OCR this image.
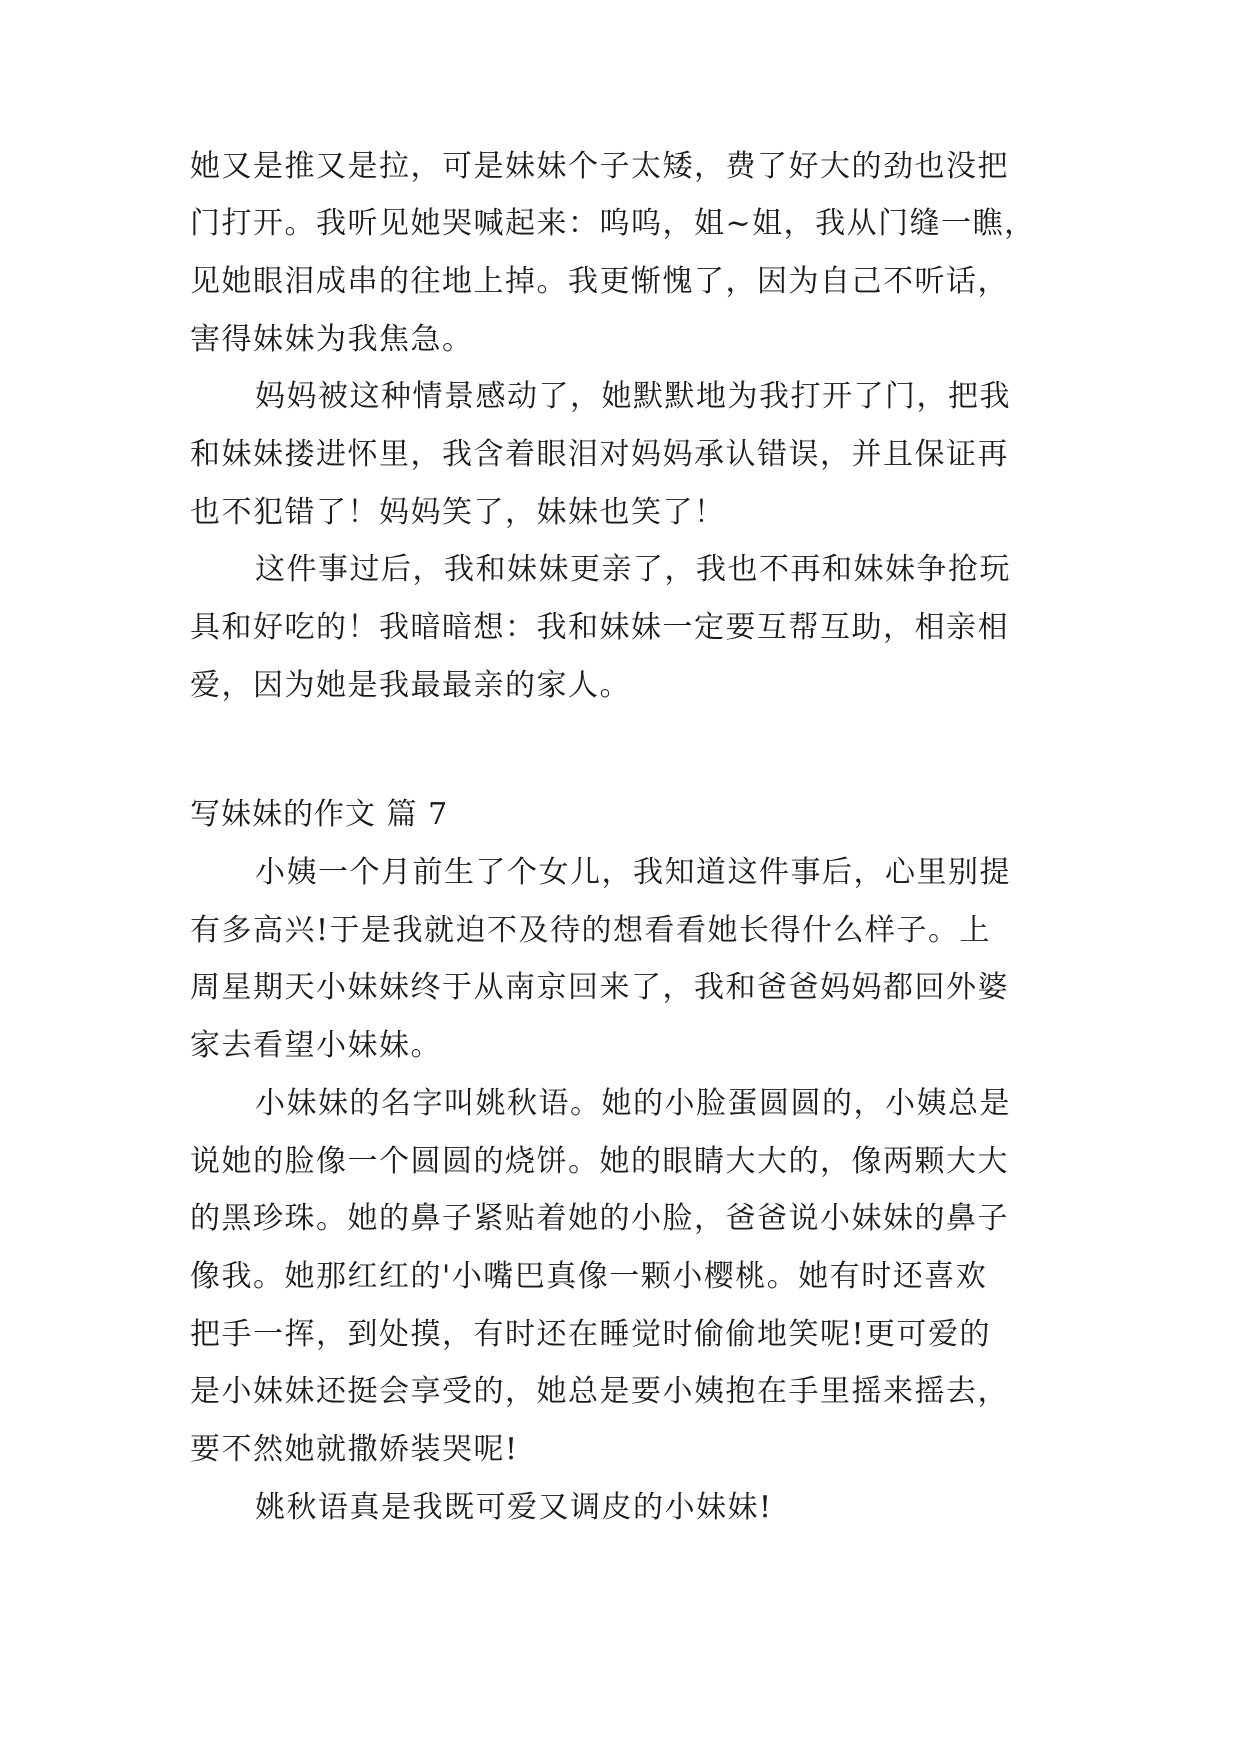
她又是推又是拉，可是妹妹个子太矮，费了好大的劲也没把
门打开。我听见她哭喊起来：呜呜，姐~姐，我从门缝一瞧，
见她眼泪成串的往地上掉。我更惭愧了，因为自己不听话，
害得妹妹为我焦急。
妈妈被这种情景感动了，她默默地为我打开了门，把我
和妹妹搂进怀里，我含着眼泪对妈妈承认错误，并且保证再
也不犯错了！妈妈笑了，妹妹也笑了！
这件事过后，我和妹妹更亲了，我也不再和妹妹争抢玩
具和好吃的！我暗暗想：我和妹妹一定要互帮互助，相亲相
爱，因为她是我最最亲的家人。
写妹妹的作文 篇 7
小姨一个月前生了个女儿，我知道这件事后，心里别提
有多高兴!于是我就迫不及待的想看看她长得什么样子。上
周星期天小妹妹终于从南京回来了，我和爸爸妈妈都回外婆
家去看望小妹妹。
小妹妹的名字叫姚秋语。她的小脸蛋圆圆的，小姨总是
说她的脸像一个圆圆的烧饼。她的眼睛大大的，像两颗大大
的黑珍珠。她的鼻子紧贴着她的小脸，爸爸说小妹妹的鼻子
像我。她那红红的'小嘴巴真像一颗小樱桃。她有时还喜欢
把手一挥，到处摸，有时还在睡觉时偷偷地笑呢!更可爱的
是小妹妹还挺会享受的，她总是要小姨抱在手里摇来摇去，
要不然她就撒娇装哭呢!
姚秋语真是我既可爱又调皮的小妹妹!
